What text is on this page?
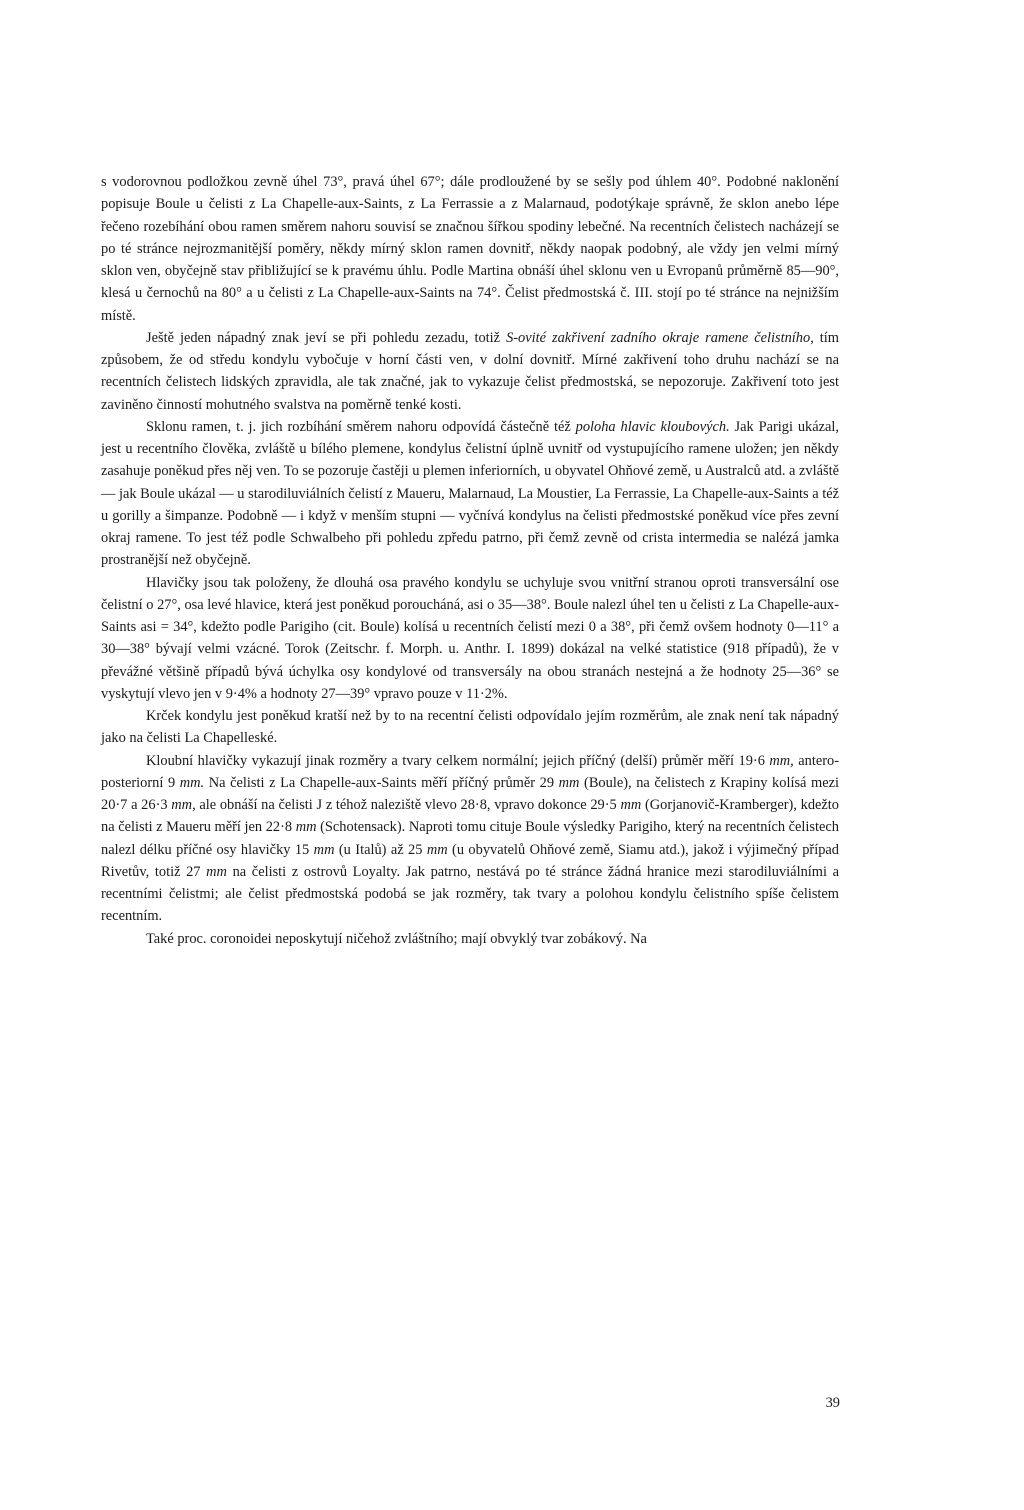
s vodorovnou podložkou zevně úhel 73°, pravá úhel 67°; dále prodloužené by se sešly pod úhlem 40°. Podobné naklonění popisuje Boule u čelisti z La Chapelle-aux-Saints, z La Ferrassie a z Malarnaud, podotýkaje správně, že sklon anebo lépe řečeno rozebíhání obou ramen směrem nahoru souvisí se značnou šířkou spodiny lebečné. Na recentních čelistech nacházejí se po té stránce nejrozmanitější poměry, někdy mírný sklon ramen dovnitř, někdy naopak podobný, ale vždy jen velmi mírný sklon ven, obyčejně stav přibližující se k pravému úhlu. Podle Martina obnáší úhel sklonu ven u Evropanů průměrně 85—90°, klesá u černochů na 80° a u čelisti z La Chapelle-aux-Saints na 74°. Čelist předmostská č. III. stojí po té stránce na nejnižším místě.

Ještě jeden nápadný znak jeví se při pohledu zezadu, totiž S-ovité zakřivení zadního okraje ramene čelistního, tím způsobem, že od středu kondylu vybočuje v horní části ven, v dolní dovnitř. Mírné zakřivení toho druhu nachází se na recentních čelistech lidských zpravidla, ale tak značné, jak to vykazuje čelist předmostská, se nepozoruje. Zakřivení toto jest zaviněno činností mohutného svalstva na poměrně tenké kosti.

Sklonu ramen, t. j. jich rozbíhání směrem nahoru odpovídá částečně též poloha hlavic kloubových. Jak Parigi ukázal, jest u recentního člověka, zvláště u bílého plemene, kondylus čelistní úplně uvnitř od vystupujícího ramene uložen; jen někdy zasahuje poněkud přes něj ven. To se pozoruje častěji u plemen inferiorních, u obyvatel Ohňové země, u Australců atd. a zvláště — jak Boule ukázal — u starodiluviálních čelistí z Maueru, Malarnaud, La Moustier, La Ferrassie, La Chapelle-aux-Saints a též u gorilly a šimpanze. Podobně — i když v menším stupni — vyčnívá kondylus na čelisti předmostské poněkud více přes zevní okraj ramene. To jest též podle Schwalbeho při pohledu zpředu patrno, při čemž zevně od crista intermedia se nalézá jamka prostranější než obyčejně.

Hlavičky jsou tak položeny, že dlouhá osa pravého kondylu se uchyluje svou vnitřní stranou oproti transversální ose čelistní o 27°, osa levé hlavice, která jest poněkud poroucháná, asi o 35—38°. Boule nalezl úhel ten u čelisti z La Chapelle-aux-Saints asi = 34°, kdežto podle Parigiho (cit. Boule) kolísá u recentních čelistí mezi 0 a 38°, při čemž ovšem hodnoty 0—11° a 30—38° bývají velmi vzácné. Torok (Zeitschr. f. Morph. u. Anthr. I. 1899) dokázal na velké statistice (918 případů), že v převážné většině případů bývá úchylka osy kondylové od transversály na obou stranách nestejná a že hodnoty 25—36° se vyskytují vlevo jen v 9·4% a hodnoty 27—39° vpravo pouze v 11·2%.

Krček kondylu jest poněkud kratší než by to na recentní čelisti odpovídalo jejím rozměrům, ale znak není tak nápadný jako na čelisti La Chapelleské.

Kloubní hlavičky vykazují jinak rozměry a tvary celkem normální; jejich příčný (delší) průměr měří 19·6 mm, antero-posteriorní 9 mm. Na čelisti z La Chapelle-aux-Saints měří příčný průměr 29 mm (Boule), na čelistech z Krapiny kolísá mezi 20·7 a 26·3 mm, ale obnáší na čelisti J z téhož naleziště vlevo 28·8, vpravo dokonce 29·5 mm (Gorjanovič-Kramberger), kdežto na čelisti z Maueru měří jen 22·8 mm (Schotensack). Naproti tomu cituje Boule výsledky Parigiho, který na recentních čelistech nalezl délku příčné osy hlavičky 15 mm (u Italů) až 25 mm (u obyvatelů Ohňové země, Siamu atd.), jakož i výjimečný případ Rivetův, totiž 27 mm na čelisti z ostrovů Loyalty. Jak patrno, nestává po té stránce žádná hranice mezi starodiluviálními a recentními čelistmi; ale čelist předmostská podobá se jak rozměry, tak tvary a polohou kondylu čelistního spíše čelistem recentním.

Také proc. coronoidei neposkytují ničehož zvláštního; mají obvyklý tvar zobákový. Na

39
